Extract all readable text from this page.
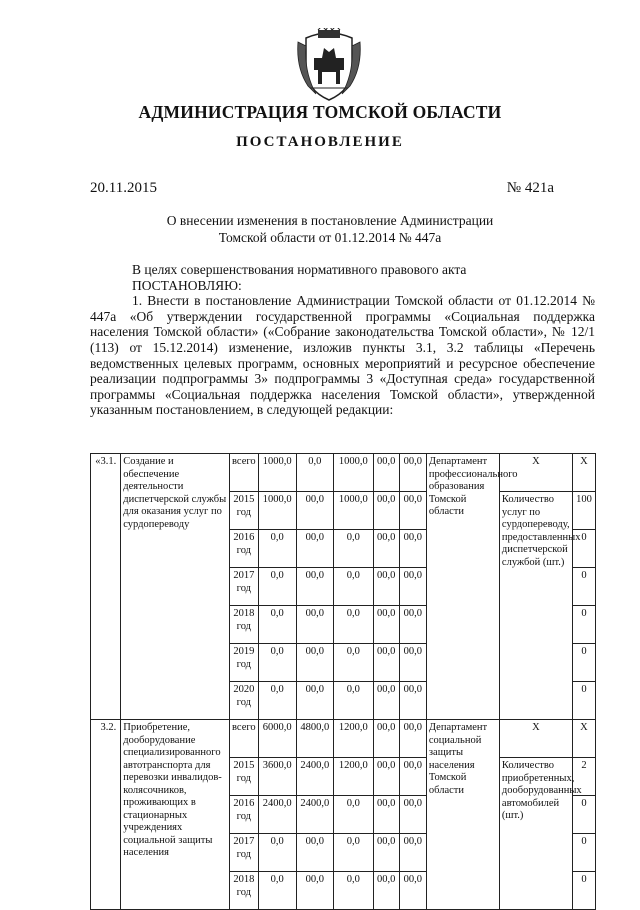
АДМИНИСТРАЦИЯ ТОМСКОЙ ОБЛАСТИ
ПОСТАНОВЛЕНИЕ
20.11.2015	№ 421а
О внесении изменения в постановление Администрации
Томской области от 01.12.2014 № 447а

В целях совершенствования нормативного правового акта

ПОСТАНОВЛЯЮ:

1. Внести в постановление Администрации Томской области от 01.12.2014 № 447а «Об утверждении государственной программы «Социальная поддержка населения Томской области» («Собрание законодательства Томской области», № 12/1 (113) от 15.12.2014) изменение, изложив пункты 3.1, 3.2 таблицы «Перечень ведомственных целевых программ, основных мероприятий и ресурсное обеспечение реализации подпрограммы 3» подпрограммы 3 «Доступная среда» государственной программы «Социальная поддержка населения Томской области», утвержденной указанным постановлением, в следующей редакции:

«3.1.	Создание и обеспечение деятельности диспетчерской службы для оказания услуг по сурдопереводу	всего	1000,0	0,0	1000,0	00,0	00,0	Департамент профессионального образования Томской области	Х	Х
		2015 год	1000,0	00,0	1000,0	00,0	00,0		Количество услуг по сурдопереводу, предоставленных диспетчерской службой (шт.)	100
		2016 год	0,0	00,0	0,0	00,0	00,0			0
		2017 год	0,0	00,0	0,0	00,0	00,0			0
		2018 год	0,0	00,0	0,0	00,0	00,0			0
		2019 год	0,0	00,0	0,0	00,0	00,0			0
		2020 год	0,0	00,0	0,0	00,0	00,0			0
3.2.	Приобретение, дооборудование специализированного автотранспорта для перевозки инвалидов-колясочников, проживающих в стационарных учреждениях социальной защиты населения	всего	6000,0	4800,0	1200,0	00,0	00,0	Департамент социальной защиты населения Томской области	Х	Х
		2015 год	3600,0	2400,0	1200,0	00,0	00,0		Количество приобретенных, дооборудованных автомобилей (шт.)	2
		2016 год	2400,0	2400,0	0,0	00,0	00,0			0
		2017 год	0,0	00,0	0,0	00,0	00,0			0
		2018 год	0,0	00,0	0,0	00,0	00,0			0
